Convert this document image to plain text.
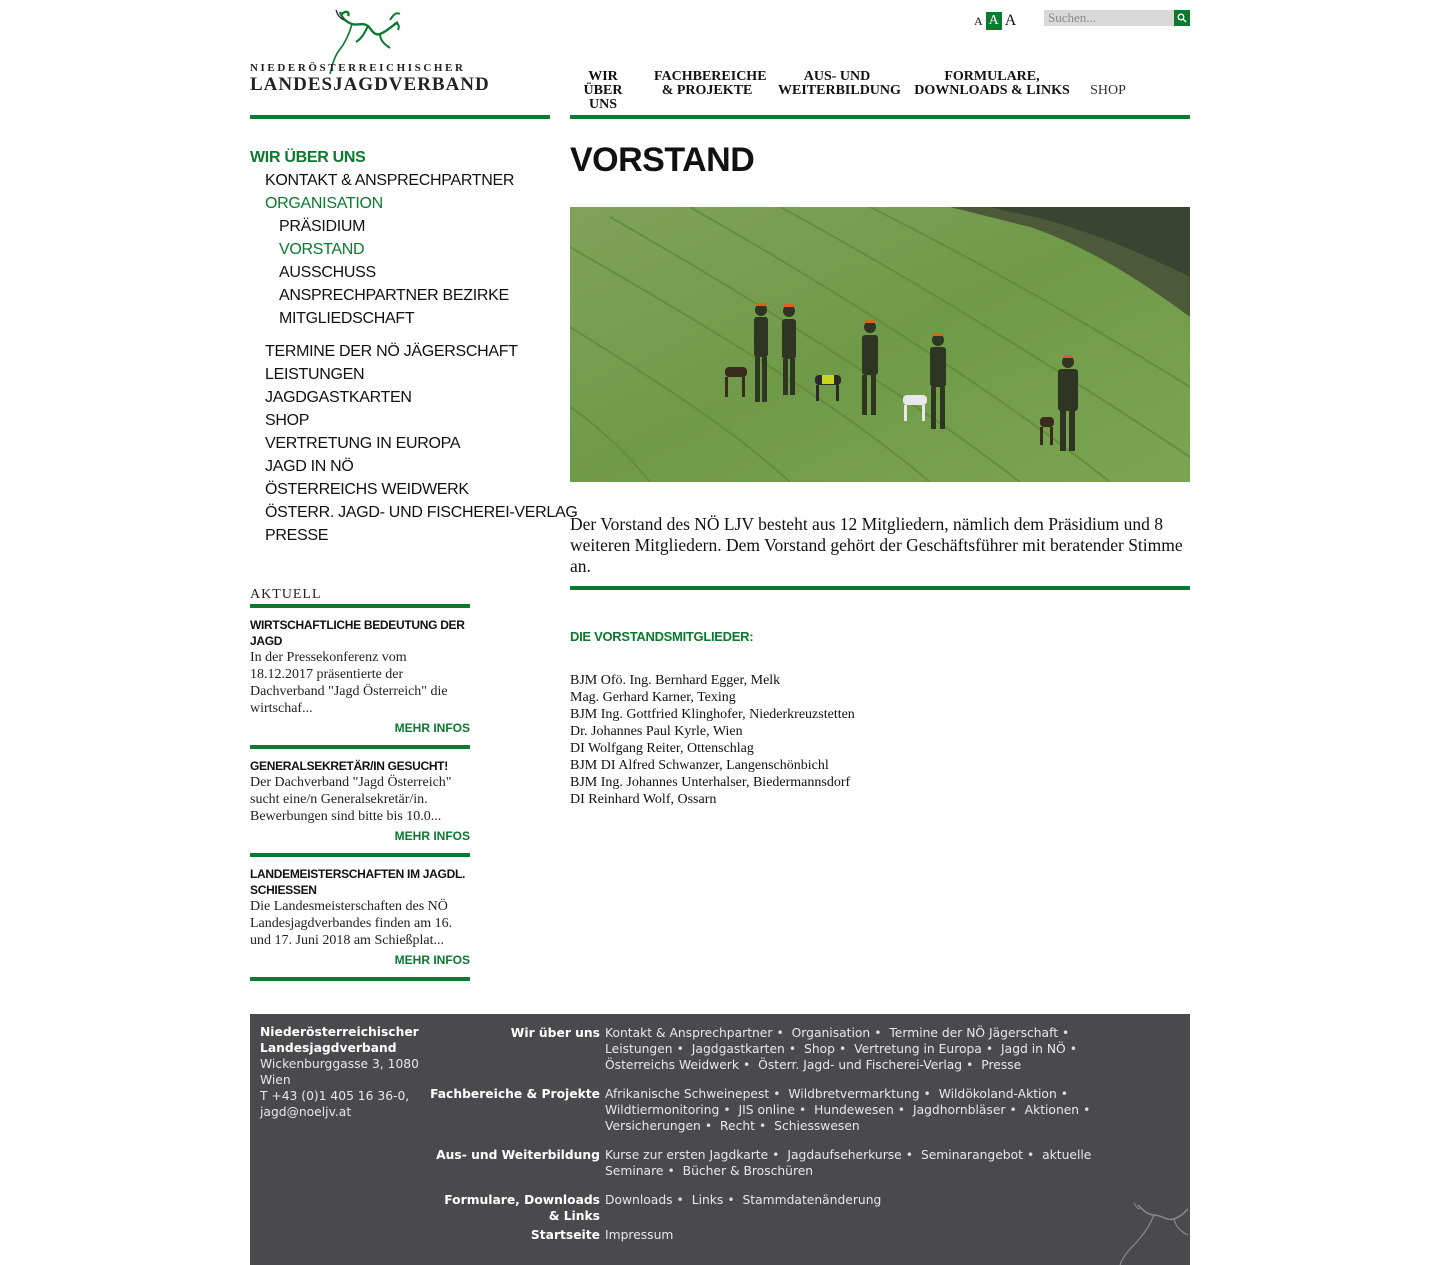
NIEDERÖSTERREICHISCHER
LANDESJAGDVERBAND
A A A
Suchen...
WIR
ÜBER UNS
FACHBEREICHE
& PROJEKTE
AUS- UND
WEITERBILDUNG
FORMULARE,
DOWNLOADS & LINKS SHOP
WIR ÜBER UNS
KONTAKT & ANSPRECHPARTNER
ORGANISATION
PRÄSIDIUM
VORSTAND
AUSSCHUSS
ANSPRECHPARTNER BEZIRKE
MITGLIEDSCHAFT
TERMINE DER NÖ JÄGERSCHAFT
LEISTUNGEN
JAGDGASTKARTEN
SHOP
VERTRETUNG IN EUROPA
JAGD IN NÖ
ÖSTERREICHS WEIDWERK
ÖSTERR. JAGD- UND FISCHEREI-VERLAG
PRESSE
AKTUELL
WIRTSCHAFTLICHE BEDEUTUNG DER JAGD

In der Pressekonferenz vom 18.12.2017 präsentierte der Dachverband "Jagd Österreich" die wirtschaf...

MEHR INFOS
GENERALSEKRETÄR/IN GESUCHT!

Der Dachverband "Jagd Österreich" sucht eine/n Generalsekretär/in. Bewerbungen sind bitte bis 10.0...

MEHR INFOS
LANDEMEISTERSCHAFTEN IM JAGDL. SCHIESSEN

Die Landesmeisterschaften des NÖ Landesjagdverbandes finden am 16. und 17. Juni 2018 am Schießplat...

MEHR INFOS
VORSTAND

Der Vorstand des NÖ LJV besteht aus 12 Mitgliedern, nämlich dem Präsidium und 8 weiteren Mitgliedern. Dem Vorstand gehört der Geschäftsführer mit beratender Stimme an.

DIE VORSTANDSMITGLIEDER:
BJM Ofö. Ing. Bernhard Egger, Melk
Mag. Gerhard Karner, Texing
BJM Ing. Gottfried Klinghofer, Niederkreuzstetten
Dr. Johannes Paul Kyrle, Wien
DI Wolfgang Reiter, Ottenschlag
BJM DI Alfred Schwanzer, Langenschönbichl
BJM Ing. Johannes Unterhalser, Biedermannsdorf
DI Reinhard Wolf, Ossarn
Niederösterreichischer
Landesjagdverband
Wickenburggasse 3, 1080
Wien
T +43 (0)1 405 16 36-0,
jagd@noeljv.at
Wir über uns Kontakt & Ansprechpartner • Organisation • Termine der NÖ Jägerschaft • Leistungen • Jagdgastkarten • Shop • Vertretung in Europa • Jagd in NÖ • Österreichs Weidwerk • Österr. Jagd- und Fischerei-Verlag • Presse
Fachbereiche & Projekte Afrikanische Schweinepest • Wildbretvermarktung • Wildökoland-Aktion • Wildtiermonitoring • JIS online • Hundewesen • Jagdhornbläser • Aktionen • Versicherungen • Recht • Schiesswesen
Aus- und Weiterbildung Kurse zur ersten Jagdkarte • Jagdaufseherkurse • Seminarangebot • aktuelle Seminare • Bücher & Broschüren
Formulare, Downloads & Links
Downloads • Links • Stammdatenänderung
Startseite Impressum
